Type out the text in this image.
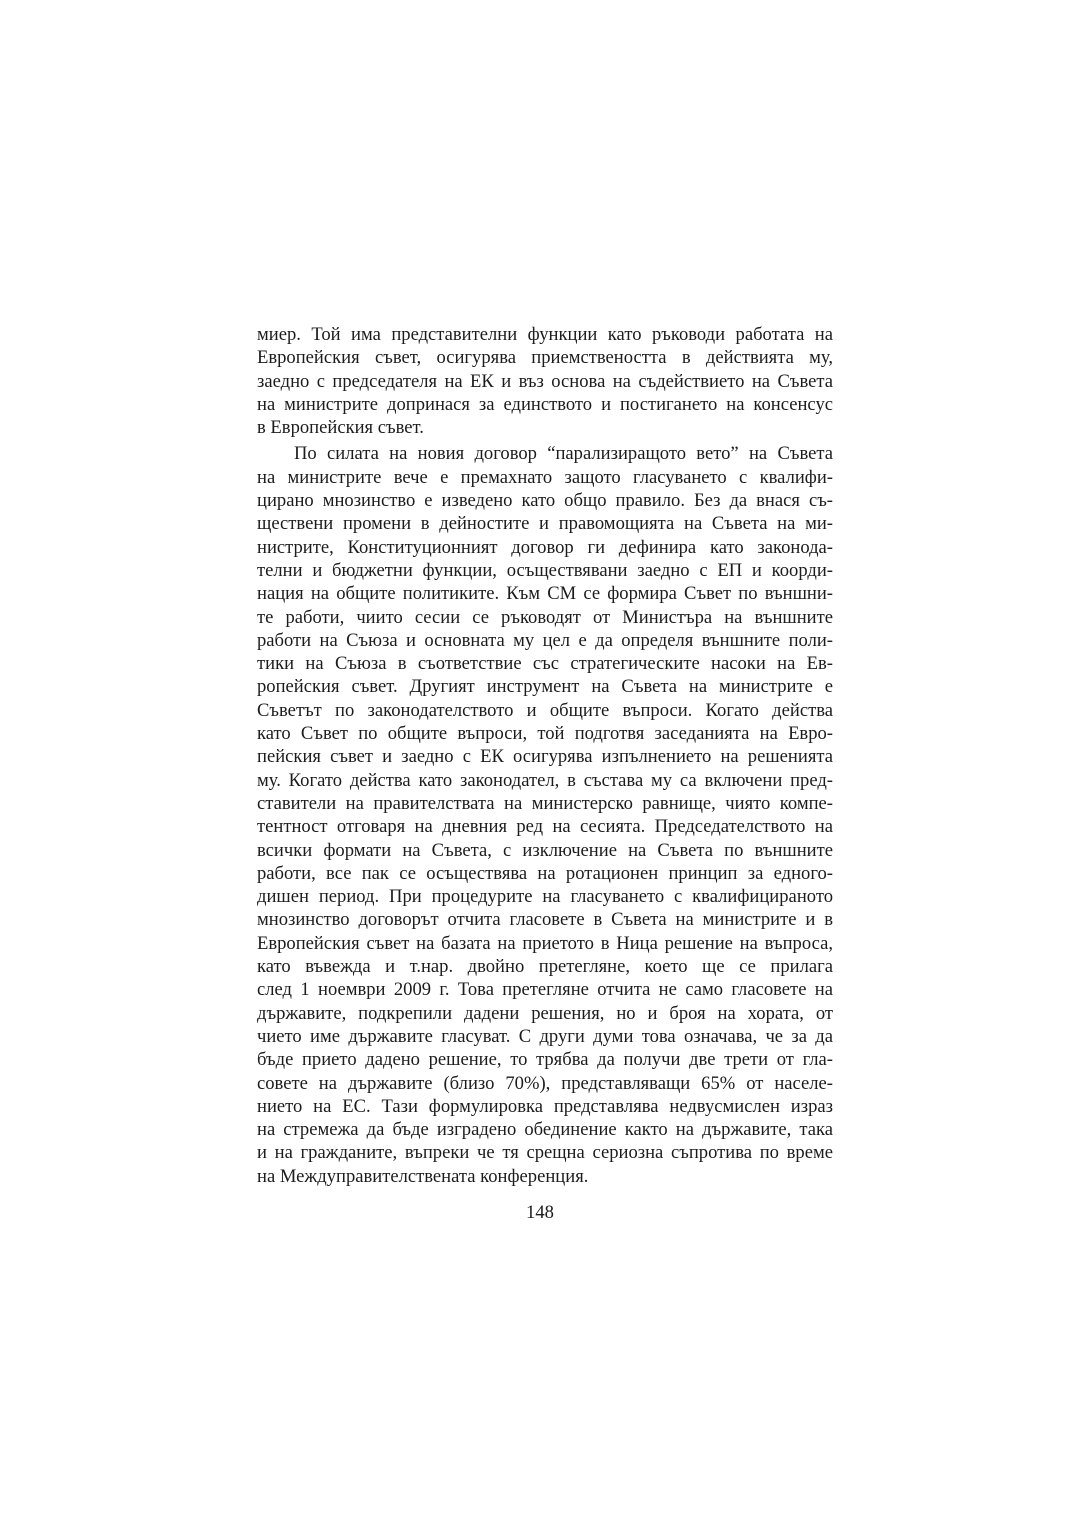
миер. Той има представителни функции като ръководи работата на
Европейския съвет, осигурява приемствеността в действията му,
заедно с председателя на ЕК и въз основа на съдействието на Съвета
на министрите допринася за единството и постигането на консенсус
в Европейския съвет.
По силата на новия договор “парализиращото вето” на Съвета
на министрите вече е премахнато защото гласуването с квалифи-
цирано мнозинство е изведено като общо правило. Без да внася съ-
ществени промени в дейностите и правомощията на Съвета на ми-
нистрите, Конституционният договор ги дефинира като законода-
телни и бюджетни функции, осъществявани заедно с ЕП и коорди-
нация на общите политиките. Към СМ се формира Съвет по външни-
те работи, чиито сесии се ръководят от Министъра на външните
работи на Съюза и основната му цел е да определя външните поли-
тики на Съюза в съответствие със стратегическите насоки на Ев-
ропейския съвет. Другият инструмент на Съвета на министрите е
Съветът по законодателството и общите въпроси. Когато действа
като Съвет по общите въпроси, той подготвя заседанията на Евро-
пейския съвет и заедно с ЕК осигурява изпълнението на решенията
му. Когато действа като законодател, в състава му са включени пред-
ставители на правителствата на министерско равнище, чиято компе-
тентност отговаря на дневния ред на сесията. Председателството на
всички формати на Съвета, с изключение на Съвета по външните
работи, все пак се осъществява на ротационен принцип за едного-
дишен период. При процедурите на гласуването с квалифицираното
мнозинство договорът отчита гласовете в Съвета на министрите и в
Европейския съвет на базата на приетото в Ница решение на въпроса,
като въвежда и т.нар. двойно претегляне, което ще се прилага
след 1 ноември 2009 г. Това претегляне отчита не само гласовете на
държавите, подкрепили дадени решения, но и броя на хората, от
чието име държавите гласуват. С други думи това означава, че за да
бъде прието дадено решение, то трябва да получи две трети от гла-
совете на държавите (близо 70%), представляващи 65% от населе-
нието на ЕС. Тази формулировка представлява недвусмислен израз
на стремежа да бъде изградено обединение както на държавите, така
и на гражданите, въпреки че тя срещна сериозна съпротива по време
на Междуправителствената конференция.
148
